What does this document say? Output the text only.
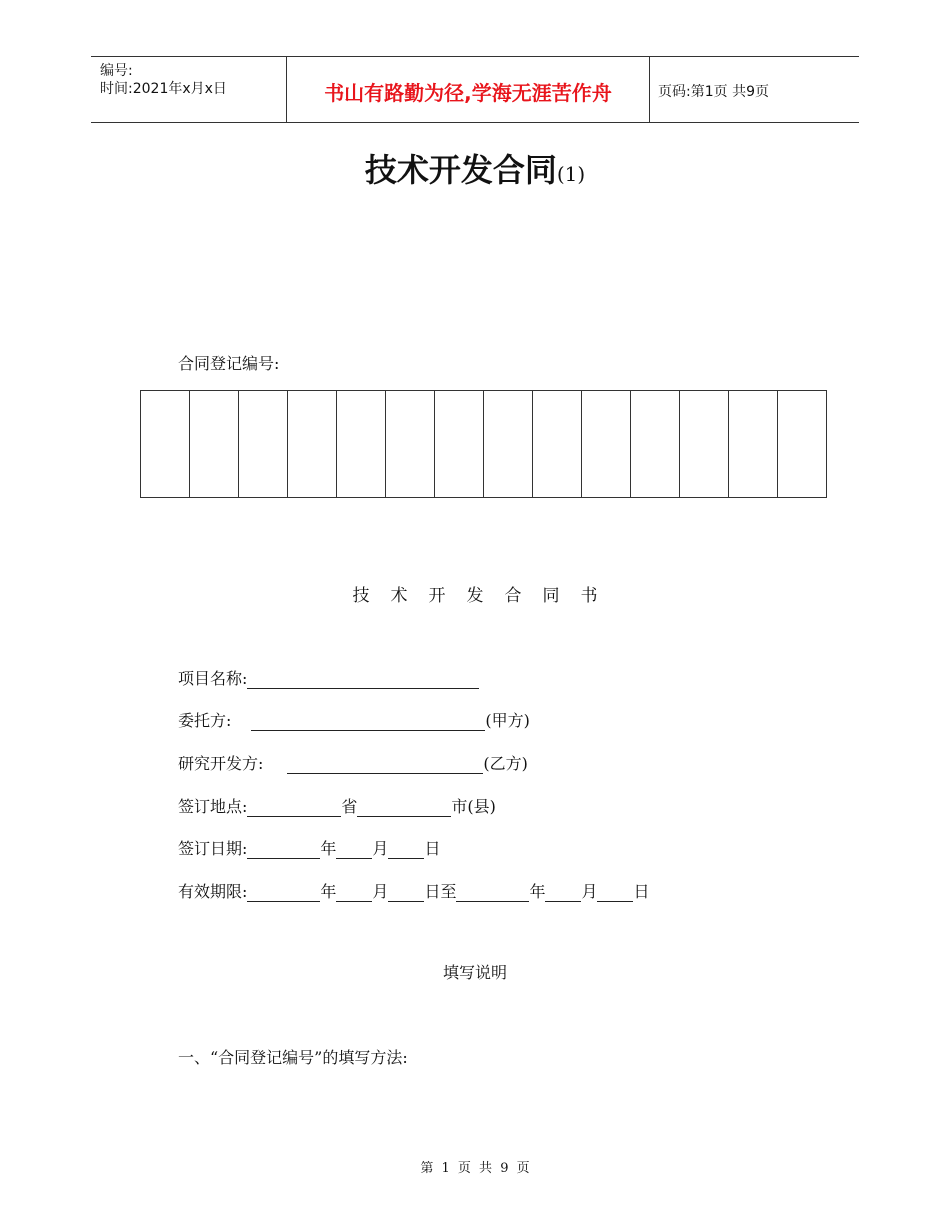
编号:
时间:2021年x月x日	书山有路勤为径,学海无涯苦作舟	页码:第1页 共9页
技术开发合同(1)
合同登记编号:
技术开发合同书
项目名称:
委托方:	(甲方)
研究开发方:	(乙方)
签订地点:	省	市(县)
签订日期:	年 月 日
有效期限:	年 月 日至	年 月 日
填写说明
一、“合同登记编号”的填写方法:
第 1 页 共 9 页
